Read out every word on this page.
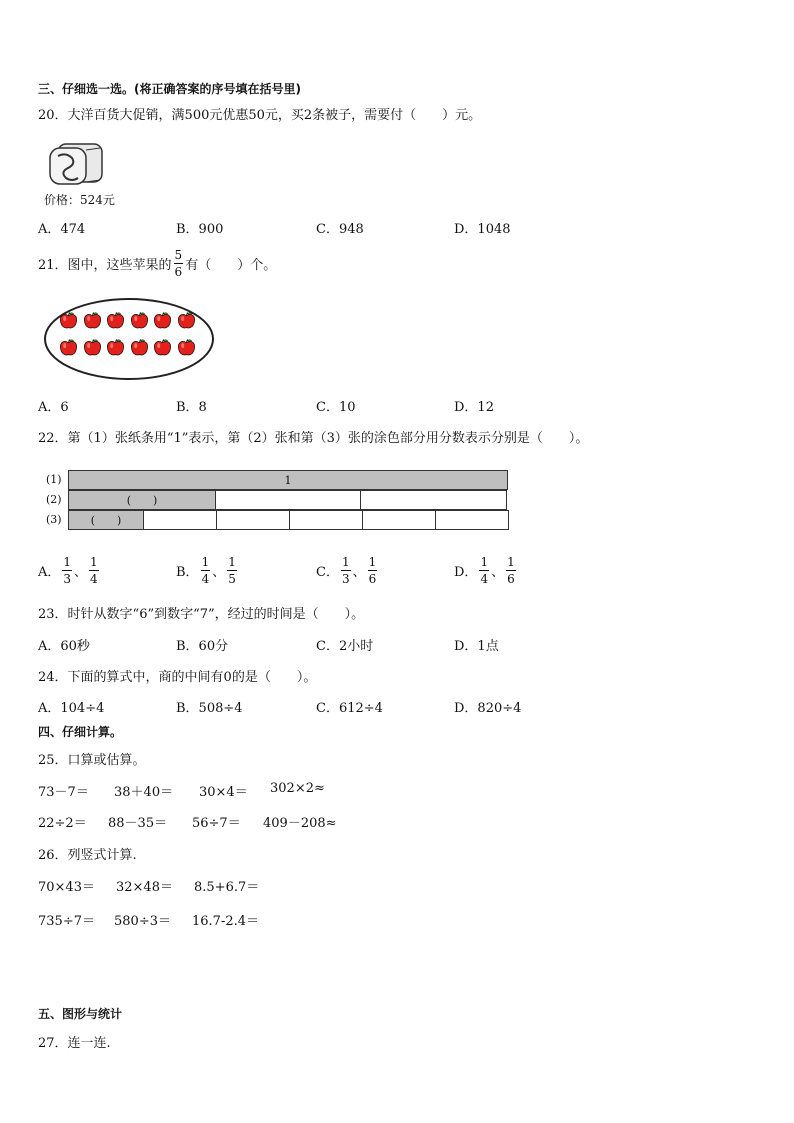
三、仔细选一选。(将正确答案的序号填在括号里)
20．大洋百货大促销，满500元优惠50元，买2条被子，需要付（　　）元。
价格：524元
A．474	B．900	C．948	D．1048
21．图中，这些苹果的 $\frac{5}{6}$ 有（　　）个。
A．6	B．8	C．10	D．12
22．第（1）张纸条用“1”表示，第（2）张和第（3）张的涂色部分用分数表示分别是（　　）。
(1)
(2)
(3)
1
(　　)
(　　)
A． $\frac{1}{3}$ 、 $\frac{1}{4}$	B． $\frac{1}{4}$ 、 $\frac{1}{5}$	C． $\frac{1}{3}$ 、 $\frac{1}{6}$	D． $\frac{1}{4}$ 、 $\frac{1}{6}$
23．时针从数字“6”到数字“7”，经过的时间是（　　）。
A．60秒	B．60分	C．2小时	D．1点
24．下面的算式中，商的中间有0的是（　　）。
A．104÷4	B．508÷4	C．612÷4	D．820÷4
四、仔细计算。
25．口算或估算。
73－7＝ 38＋40＝ 30×4＝ 302×2≈
22÷2＝ 88－35＝ 56÷7＝ 409－208≈
26．列竖式计算.
70×43＝ 32×48＝ 8.5+6.7＝
735÷7＝ 580÷3＝ 16.7-2.4＝
五、图形与统计
27．连一连.
